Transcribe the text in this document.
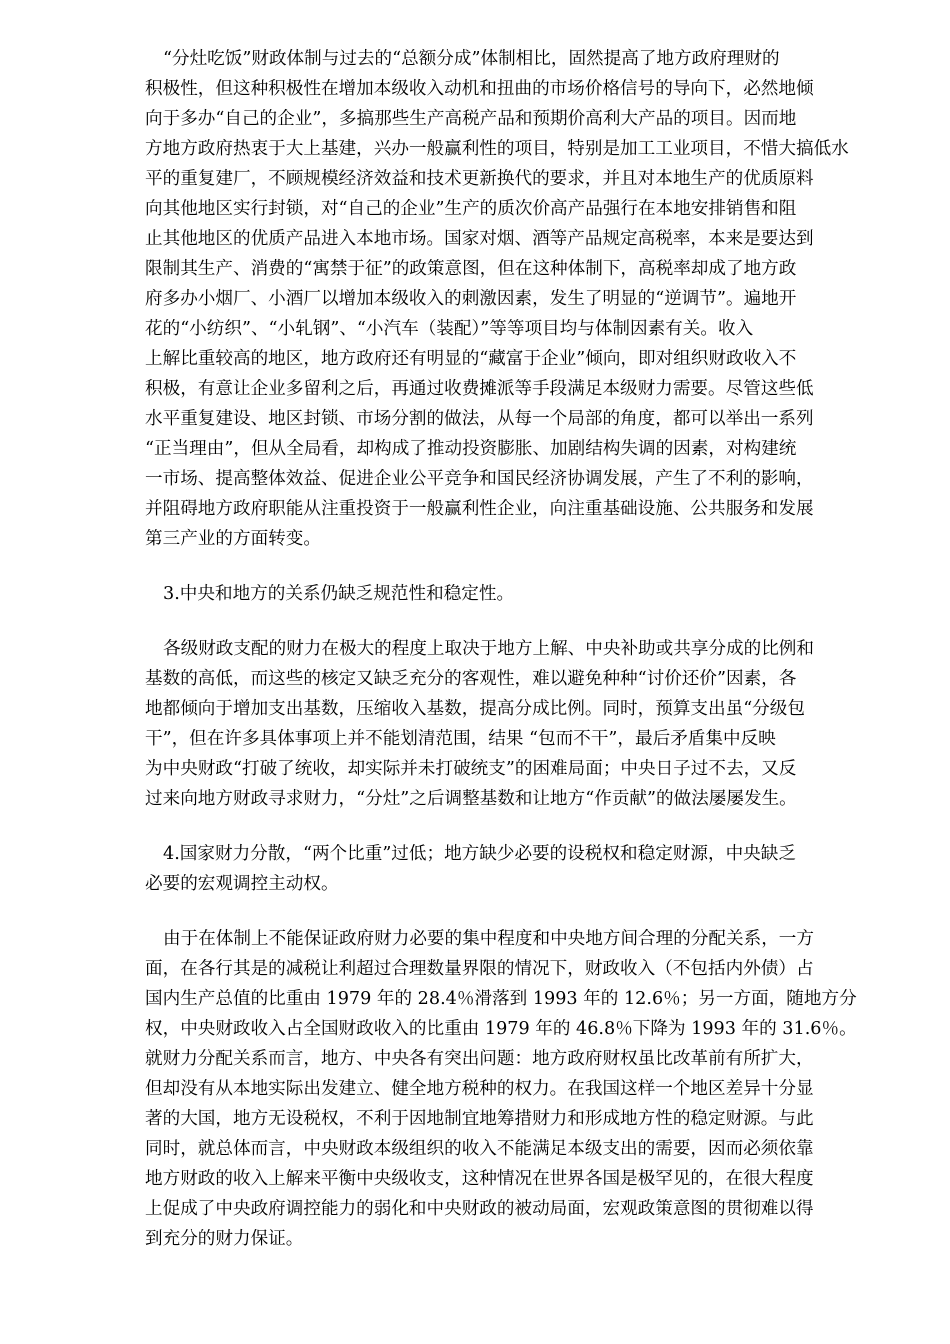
“分灶吃饭”财政体制与过去的“总额分成”体制相比，固然提高了地方政府理财的
积极性，但这种积极性在增加本级收入动机和扭曲的市场价格信号的导向下，必然地倾
向于多办“自己的企业”，多搞那些生产高税产品和预期价高利大产品的项目。因而地
方地方政府热衷于大上基建，兴办一般赢利性的项目，特别是加工工业项目，不惜大搞低水
平的重复建厂，不顾规模经济效益和技术更新换代的要求，并且对本地生产的优质原料
向其他地区实行封锁，对“自己的企业”生产的质次价高产品强行在本地安排销售和阻
止其他地区的优质产品进入本地市场。国家对烟、酒等产品规定高税率，本来是要达到
限制其生产、消费的“寓禁于征”的政策意图，但在这种体制下，高税率却成了地方政
府多办小烟厂、小酒厂以增加本级收入的刺激因素，发生了明显的“逆调节”。遍地开
花的“小纺织”、“小轧钢”、“小汽车（装配）”等等项目均与体制因素有关。收入
上解比重较高的地区，地方政府还有明显的“藏富于企业”倾向，即对组织财政收入不
积极，有意让企业多留利之后，再通过收费摊派等手段满足本级财力需要。尽管这些低
水平重复建设、地区封锁、市场分割的做法，从每一个局部的角度，都可以举出一系列
“正当理由”，但从全局看，却构成了推动投资膨胀、加剧结构失调的因素，对构建统
一市场、提高整体效益、促进企业公平竞争和国民经济协调发展，产生了不利的影响，
并阻碍地方政府职能从注重投资于一般赢利性企业，向注重基础设施、公共服务和发展
第三产业的方面转变。
3.中央和地方的关系仍缺乏规范性和稳定性。
各级财政支配的财力在极大的程度上取决于地方上解、中央补助或共享分成的比例和
基数的高低，而这些的核定又缺乏充分的客观性，难以避免种种“讨价还价”因素，各
地都倾向于增加支出基数，压缩收入基数，提高分成比例。同时，预算支出虽“分级包
干”，但在许多具体事项上并不能划清范围，结果 “包而不干”，最后矛盾集中反映
为中央财政“打破了统收，却实际并未打破统支”的困难局面；中央日子过不去，又反
过来向地方财政寻求财力，“分灶”之后调整基数和让地方“作贡献”的做法屡屡发生。
4.国家财力分散，“两个比重”过低；地方缺少必要的设税权和稳定财源，中央缺乏
必要的宏观调控主动权。
由于在体制上不能保证政府财力必要的集中程度和中央地方间合理的分配关系，一方
面，在各行其是的减税让利超过合理数量界限的情况下，财政收入（不包括内外债）占
国内生产总值的比重由 1979 年的 28.4％滑落到 1993 年的 12.6％；另一方面，随地方分
权，中央财政收入占全国财政收入的比重由 1979 年的 46.8％下降为 1993 年的 31.6％。
就财力分配关系而言，地方、中央各有突出问题：地方政府财权虽比改革前有所扩大，
但却没有从本地实际出发建立、健全地方税种的权力。在我国这样一个地区差异十分显
著的大国，地方无设税权，不利于因地制宜地筹措财力和形成地方性的稳定财源。与此
同时，就总体而言，中央财政本级组织的收入不能满足本级支出的需要，因而必须依靠
地方财政的收入上解来平衡中央级收支，这种情况在世界各国是极罕见的，在很大程度
上促成了中央政府调控能力的弱化和中央财政的被动局面，宏观政策意图的贯彻难以得
到充分的财力保证。
